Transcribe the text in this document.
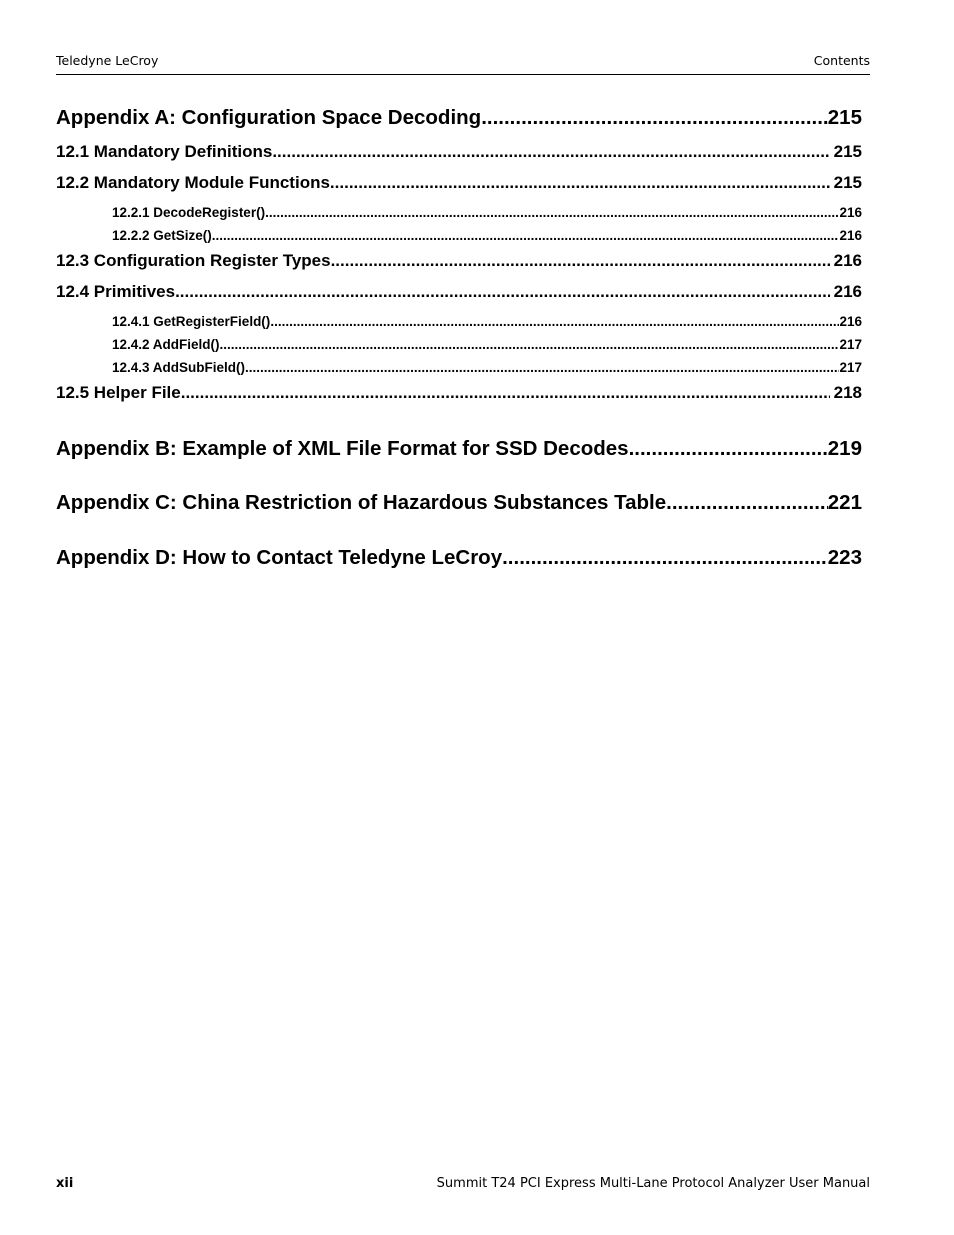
Teledyne LeCroy	Contents
Appendix A: Configuration Space Decoding .....	215
12.1 Mandatory Definitions .....	215
12.2 Mandatory Module Functions .....	215
12.2.1 DecodeRegister() .....	216
12.2.2 GetSize() .....	216
12.3 Configuration Register Types .....	216
12.4 Primitives .....	216
12.4.1 GetRegisterField() .....	216
12.4.2 AddField() .....	217
12.4.3 AddSubField() .....	217
12.5 Helper File .....	218
Appendix B: Example of XML File Format for SSD Decodes .....	219
Appendix C: China Restriction of Hazardous Substances Table .....	221
Appendix D: How to Contact Teledyne LeCroy .....	223
xii	Summit T24 PCI Express Multi-Lane Protocol Analyzer User Manual
